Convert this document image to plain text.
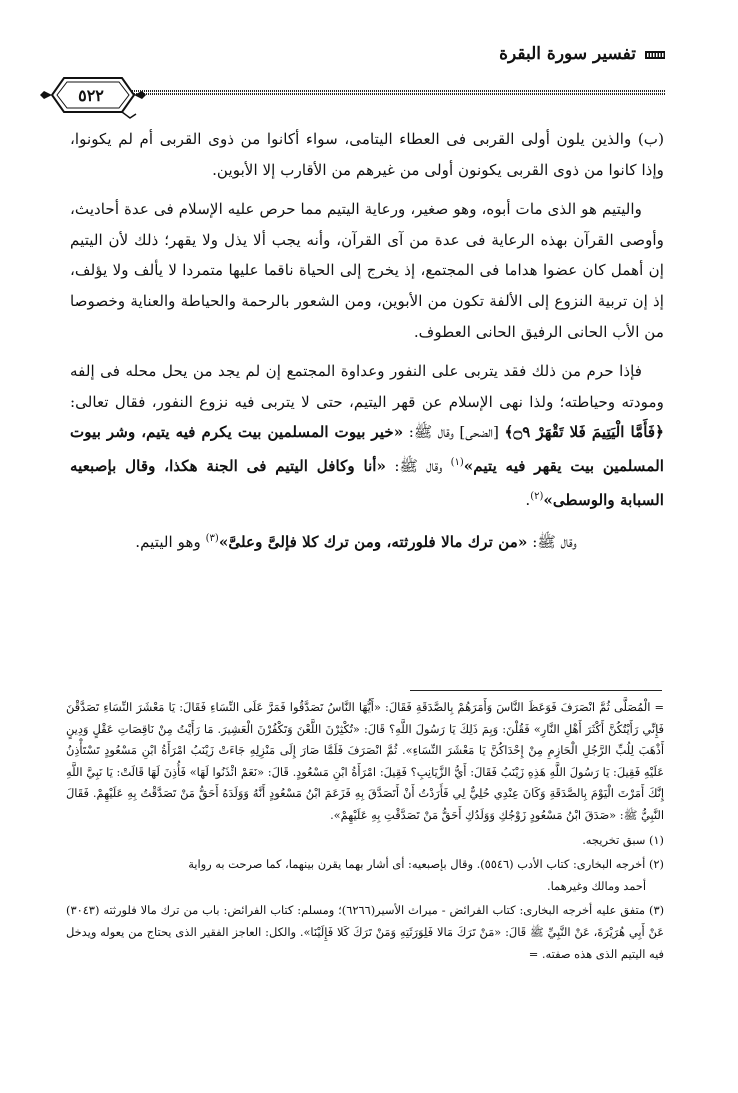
تفسير سورة البقرة
٥٢٢

(ب) والذين يلون أولى القربى فى العطاء اليتامى، سواء أكانوا من ذوى القربى أم لم يكونوا، وإذا كانوا من ذوى القربى يكونون أولى من غيرهم من الأقارب إلا الأبوين.

واليتيم هو الذى مات أبوه، وهو صغير، ورعاية اليتيم مما حرص عليه الإسلام فى عدة أحاديث، وأوصى القرآن بهذه الرعاية فى عدة من آى القرآن، وأنه يجب ألا يذل ولا يقهر؛ ذلك لأن اليتيم إن أهمل كان عضوا هداما فى المجتمع، إذ يخرج إلى الحياة ناقما عليها متمردا لا يألف ولا يؤلف، إذ إن تربية النزوع إلى الألفة تكون من الأبوين، ومن الشعور بالرحمة والحياطة والعناية وخصوصا من الأب الحانى الرفيق الحانى العطوف.

فإذا حرم من ذلك فقد يتربى على النفور وعداوة المجتمع إن لم يجد من يحل محله فى إلفه ومودته وحياطته؛ ولذا نهى الإسلام عن قهر اليتيم، حتى لا يتربى فيه نزوع النفور، فقال تعالى: ﴿فَأَمَّا الْيَتِيمَ فَلا تَقْهَرْ ۝٩﴾ [الضحى] وقال ﷺ: «خير بيوت المسلمين بيت يكرم فيه يتيم، وشر بيوت المسلمين بيت يقهر فيه يتيم»$^{(١)}$ وقال ﷺ: «أنا وكافل اليتيم فى الجنة هكذا، وقال بإصبعيه السبابة والوسطى»$^{(٢)}$.

وقال ﷺ: «من ترك مالا فلورثته، ومن ترك كلا فإلىَّ وعلىَّ»$^{(٣)}$ وهو اليتيم.

= الْمُصَلَّى ثُمَّ انْصَرَفَ فَوَعَظَ النَّاسَ وَأَمَرَهُمْ بِالصَّدَقَةِ فَقَالَ: «أَيُّهَا النَّاسُ تَصَدَّقُوا فَمَرَّ عَلَى النِّسَاءِ فَقَالَ: يَا مَعْشَرَ النِّسَاءِ تَصَدَّقْنَ فَإِنِّي رَأَيْتُكُنَّ أَكْثَرَ أَهْلِ النَّارِ» فَقُلْنَ: وَبِمَ ذَلِكَ يَا رَسُولَ اللَّهِ؟ قَالَ: «تُكْثِرْنَ اللَّعْنَ وَتَكْفُرْنَ الْعَشِيرَ. مَا رَأَيْتُ مِنْ نَاقِصَاتِ عَقْلٍ وَدِينٍ أَذْهَبَ لِلُبِّ الرَّجُلِ الْحَازِمِ مِنْ إِحْدَاكُنَّ يَا مَعْشَرَ النِّسَاءِ». ثُمَّ انْصَرَفَ فَلَمَّا صَارَ إِلَى مَنْزِلِهِ جَاءَتْ زَيْنَبُ امْرَأَةُ ابْنِ مَسْعُودٍ تَسْتَأْذِنُ عَلَيْهِ فَقِيلَ: يَا رَسُولَ اللَّهِ هَذِهِ زَيْنَبُ فَقَالَ: أَيُّ الزَّيَانِبِ؟ فَقِيلَ: امْرَأَةُ ابْنِ مَسْعُودٍ. قَالَ: «نَعَمْ ائْذَنُوا لَهَا» فَأُذِنَ لَهَا قَالَتْ: يَا نَبِيَّ اللَّهِ إِنَّكَ أَمَرْتَ الْيَوْمَ بِالصَّدَقَةِ وَكَانَ عِنْدِي حُلِيٌّ لِي فَأَرَدْتُ أَنْ أَتَصَدَّقَ بِهِ فَزَعَمَ ابْنُ مَسْعُودٍ أَنَّهُ وَوَلَدَهُ أَحَقُّ مَنْ تَصَدَّقْتُ بِهِ عَلَيْهِمْ. فَقَالَ النَّبِيُّ ﷺ: «صَدَقَ ابْنُ مَسْعُودٍ زَوْجُكِ وَوَلَدُكِ أَحَقُّ مَنْ تَصَدَّقْتِ بِهِ عَلَيْهِمْ».

(١) سبق تخريجه.

(٢) أخرجه البخارى: كتاب الأدب (٥٥٤٦). وقال بإصبعيه: أى أشار بهما يقرن بينهما، كما صرحت به رواية
أحمد ومالك وغيرهما.

(٣) متفق عليه أخرجه البخارى: كتاب الفرائض - ميراث الأسير(٦٢٦٦)؛ ومسلم: كتاب الفرائض: باب من ترك مالا فلورثته (٣٠٤٣) عَنْ أَبِي هُرَيْرَةَ، عَنْ النَّبِيِّ ﷺ قَالَ: «مَنْ تَرَكَ مَالا فَلِوَرَثَتِهِ وَمَنْ تَرَكَ كَلا فَإِلَيْنَا». والكل: العاجز الفقير الذى يحتاج من يعوله ويدخل فيه اليتيم الذى هذه صفته. =
